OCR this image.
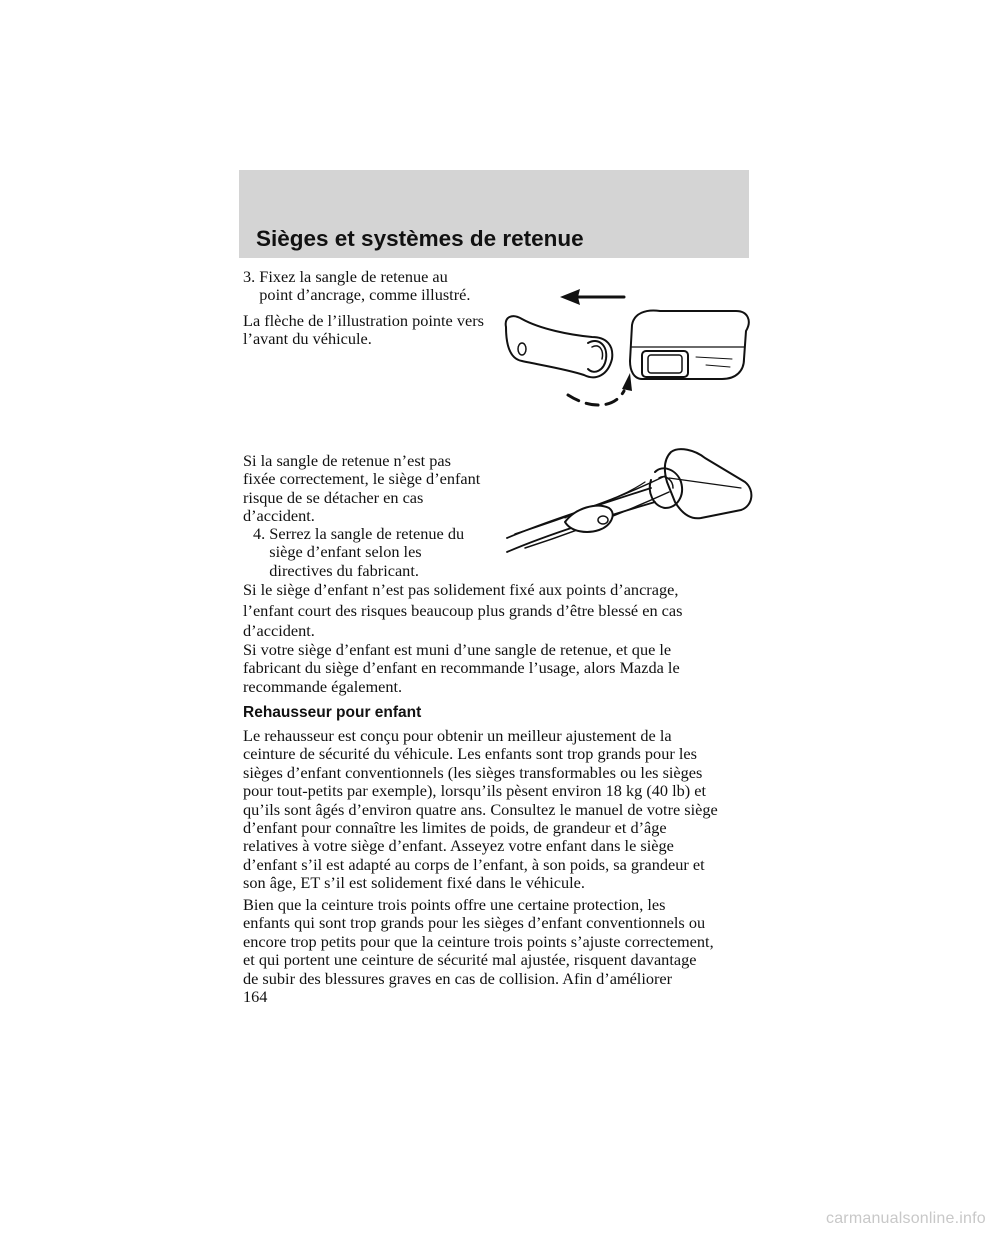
Sièges et systèmes de retenue

3. Fixez la sangle de retenue au
point d’ancrage, comme illustré.

La flèche de l’illustration pointe vers
l’avant du véhicule.

Si la sangle de retenue n’est pas
fixée correctement, le siège d’enfant
risque de se détacher en cas
d’accident.

4. Serrez la sangle de retenue du
siège d’enfant selon les
directives du fabricant.

Si le siège d’enfant n’est pas solidement fixé aux points d’ancrage,
l’enfant court des risques beaucoup plus grands d’être blessé en cas
d’accident.

Si votre siège d’enfant est muni d’une sangle de retenue, et que le
fabricant du siège d’enfant en recommande l’usage, alors Mazda le
recommande également.

Rehausseur pour enfant

Le rehausseur est conçu pour obtenir un meilleur ajustement de la
ceinture de sécurité du véhicule. Les enfants sont trop grands pour les
sièges d’enfant conventionnels (les sièges transformables ou les sièges
pour tout-petits par exemple), lorsqu’ils pèsent environ 18 kg (40 lb) et
qu’ils sont âgés d’environ quatre ans. Consultez le manuel de votre siège
d’enfant pour connaître les limites de poids, de grandeur et d’âge
relatives à votre siège d’enfant. Asseyez votre enfant dans le siège
d’enfant s’il est adapté au corps de l’enfant, à son poids, sa grandeur et
son âge, ET s’il est solidement fixé dans le véhicule.

Bien que la ceinture trois points offre une certaine protection, les
enfants qui sont trop grands pour les sièges d’enfant conventionnels ou
encore trop petits pour que la ceinture trois points s’ajuste correctement,
et qui portent une ceinture de sécurité mal ajustée, risquent davantage
de subir des blessures graves en cas de collision. Afin d’améliorer

164

carmanualsonline.info
